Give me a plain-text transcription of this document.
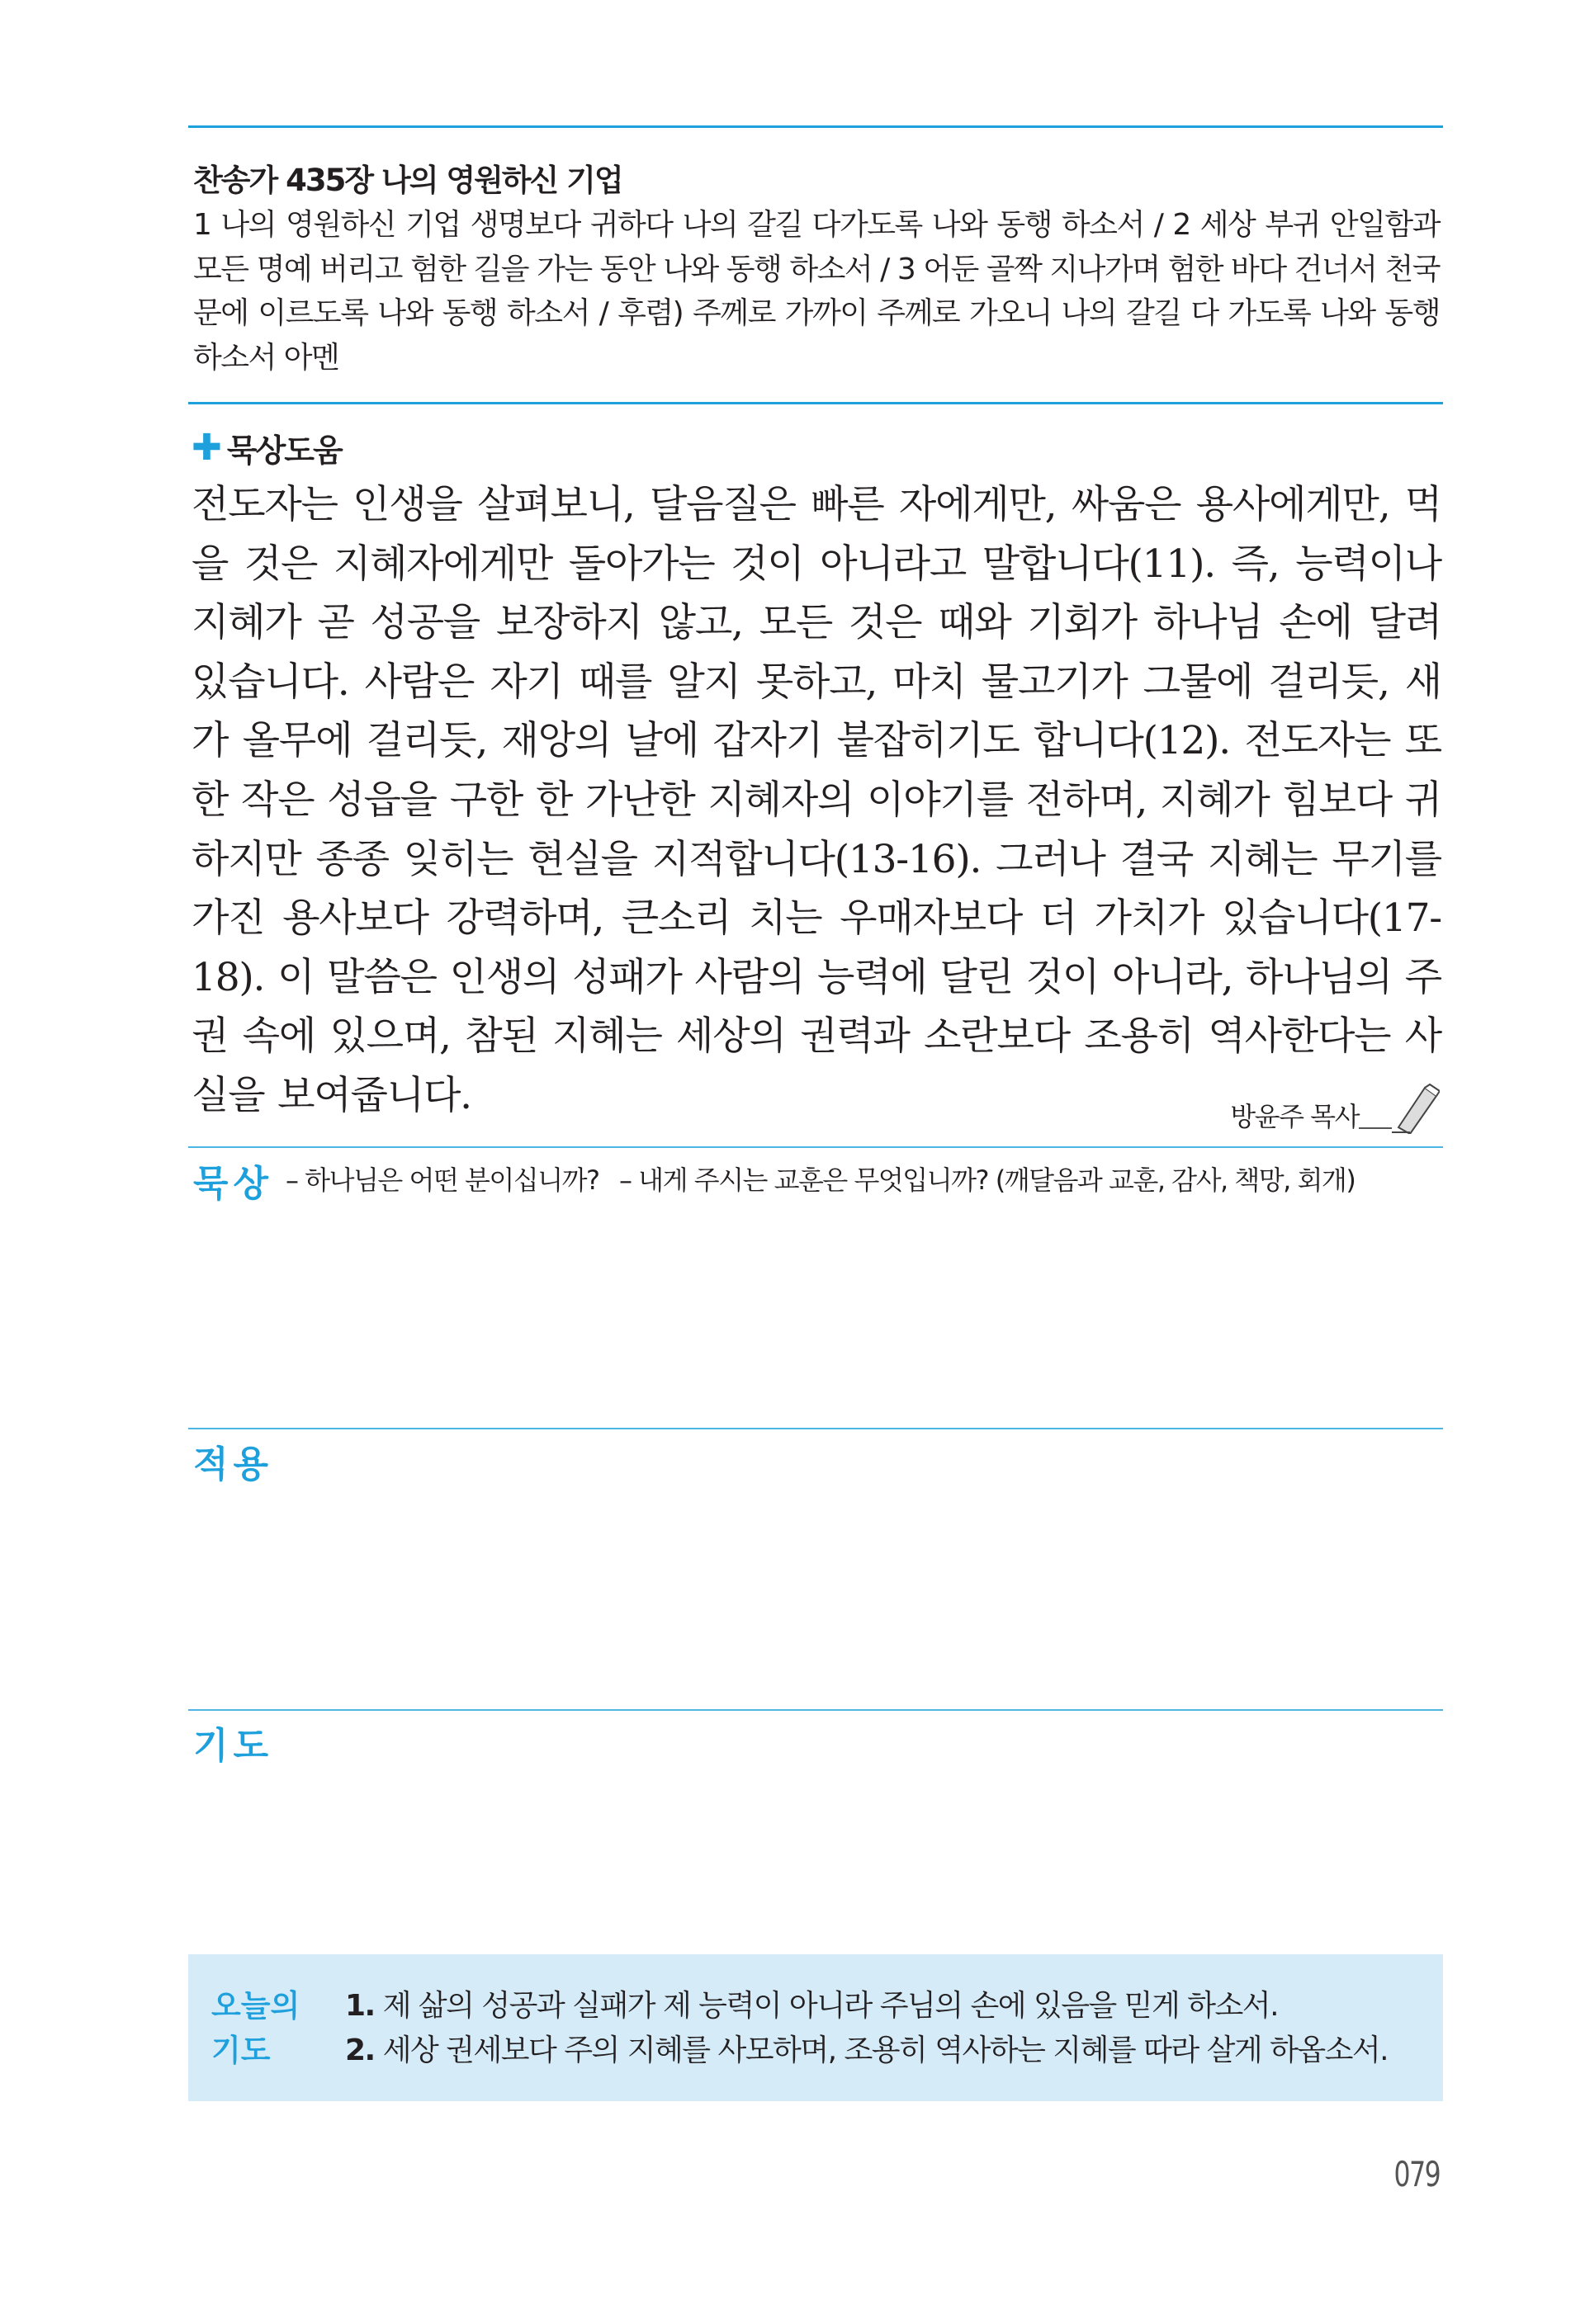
찬송가 435장 나의 영원하신 기업
1 나의 영원하신 기업 생명보다 귀하다 나의 갈길 다가도록 나와 동행 하소서 / 2 세상 부귀 안일함과 모든 명예 버리고 험한 길을 가는 동안 나와 동행 하소서 / 3 어둔 골짝 지나가며 험한 바다 건너서 천국문에 이르도록 나와 동행 하소서 / 후렴) 주께로 가까이 주께로 가오니 나의 갈길 다 가도록 나와 동행 하소서 아멘
✚ 묵상도움
전도자는 인생을 살펴보니, 달음질은 빠른 자에게만, 싸움은 용사에게만, 먹을 것은 지혜자에게만 돌아가는 것이 아니라고 말합니다(11). 즉, 능력이나 지혜가 곧 성공을 보장하지 않고, 모든 것은 때와 기회가 하나님 손에 달려 있습니다. 사람은 자기 때를 알지 못하고, 마치 물고기가 그물에 걸리듯, 새가 올무에 걸리듯, 재앙의 날에 갑자기 붙잡히기도 합니다(12). 전도자는 또한 작은 성읍을 구한 한 가난한 지혜자의 이야기를 전하며, 지혜가 힘보다 귀하지만 종종 잊히는 현실을 지적합니다(13-16). 그러나 결국 지혜는 무기를 가진 용사보다 강력하며, 큰소리 치는 우매자보다 더 가치가 있습니다(17-18). 이 말씀은 인생의 성패가 사람의 능력에 달린 것이 아니라, 하나님의 주권 속에 있으며, 참된 지혜는 세상의 권력과 소란보다 조용히 역사한다는 사실을 보여줍니다.	방윤주 목사
묵상 – 하나님은 어떤 분이십니까? – 내게 주시는 교훈은 무엇입니까? (깨달음과 교훈, 감사, 책망, 회개)
적용
기도
오늘의
기도
1. 제 삶의 성공과 실패가 제 능력이 아니라 주님의 손에 있음을 믿게 하소서.
2. 세상 권세보다 주의 지혜를 사모하며, 조용히 역사하는 지혜를 따라 살게 하옵소서.
079
